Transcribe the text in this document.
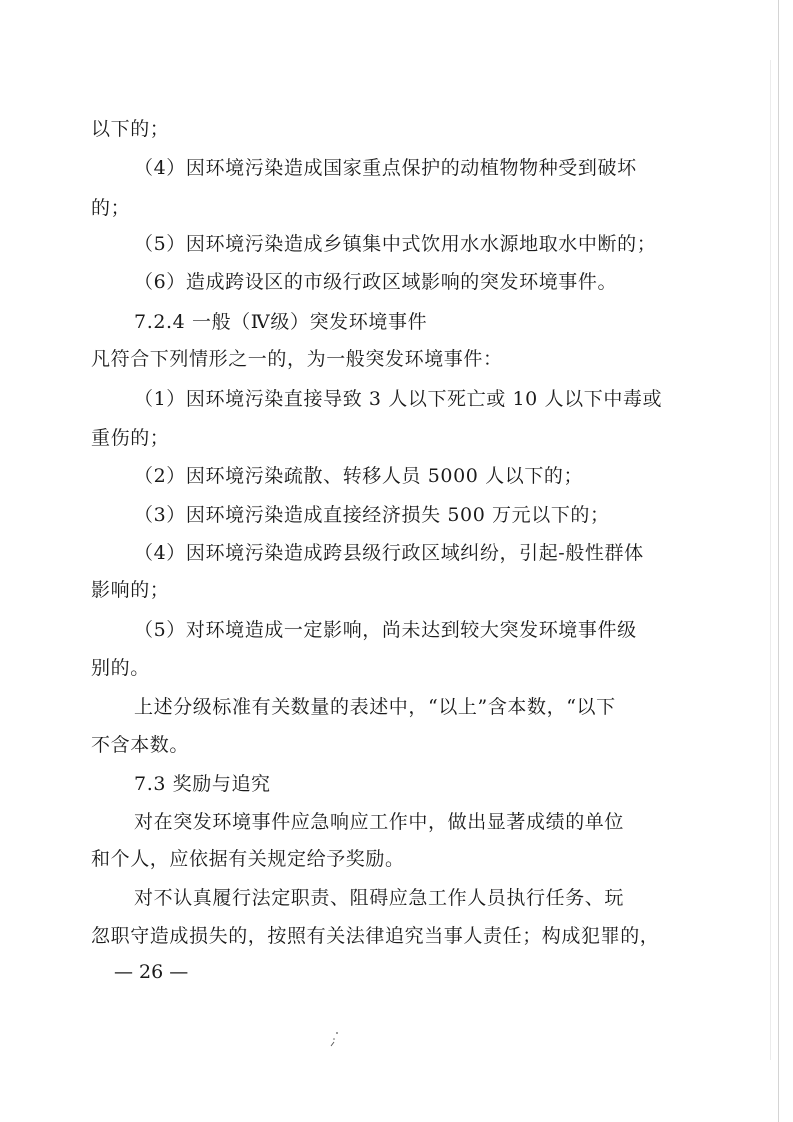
以下的；
（4）因环境污染造成国家重点保护的动植物物种受到破坏
的；
（5）因环境污染造成乡镇集中式饮用水水源地取水中断的；
（6）造成跨设区的市级行政区域影响的突发环境事件。
7.2.4 一般（Ⅳ级）突发环境事件
凡符合下列情形之一的，为一般突发环境事件：
（1）因环境污染直接导致 3 人以下死亡或 10 人以下中毒或
重伤的；
（2）因环境污染疏散、转移人员 5000 人以下的；
（3）因环境污染造成直接经济损失 500 万元以下的；
（4）因环境污染造成跨县级行政区域纠纷，引起-般性群体
影响的；
（5）对环境造成一定影响，尚未达到较大突发环境事件级
别的。
上述分级标准有关数量的表述中，“以上”含本数，“以下
不含本数。
7.3 奖励与追究
对在突发环境事件应急响应工作中，做出显著成绩的单位
和个人，应依据有关规定给予奖励。
对不认真履行法定职责、阻碍应急工作人员执行任务、玩
忽职守造成损失的，按照有关法律追究当事人责任；构成犯罪的，
— 26 —
